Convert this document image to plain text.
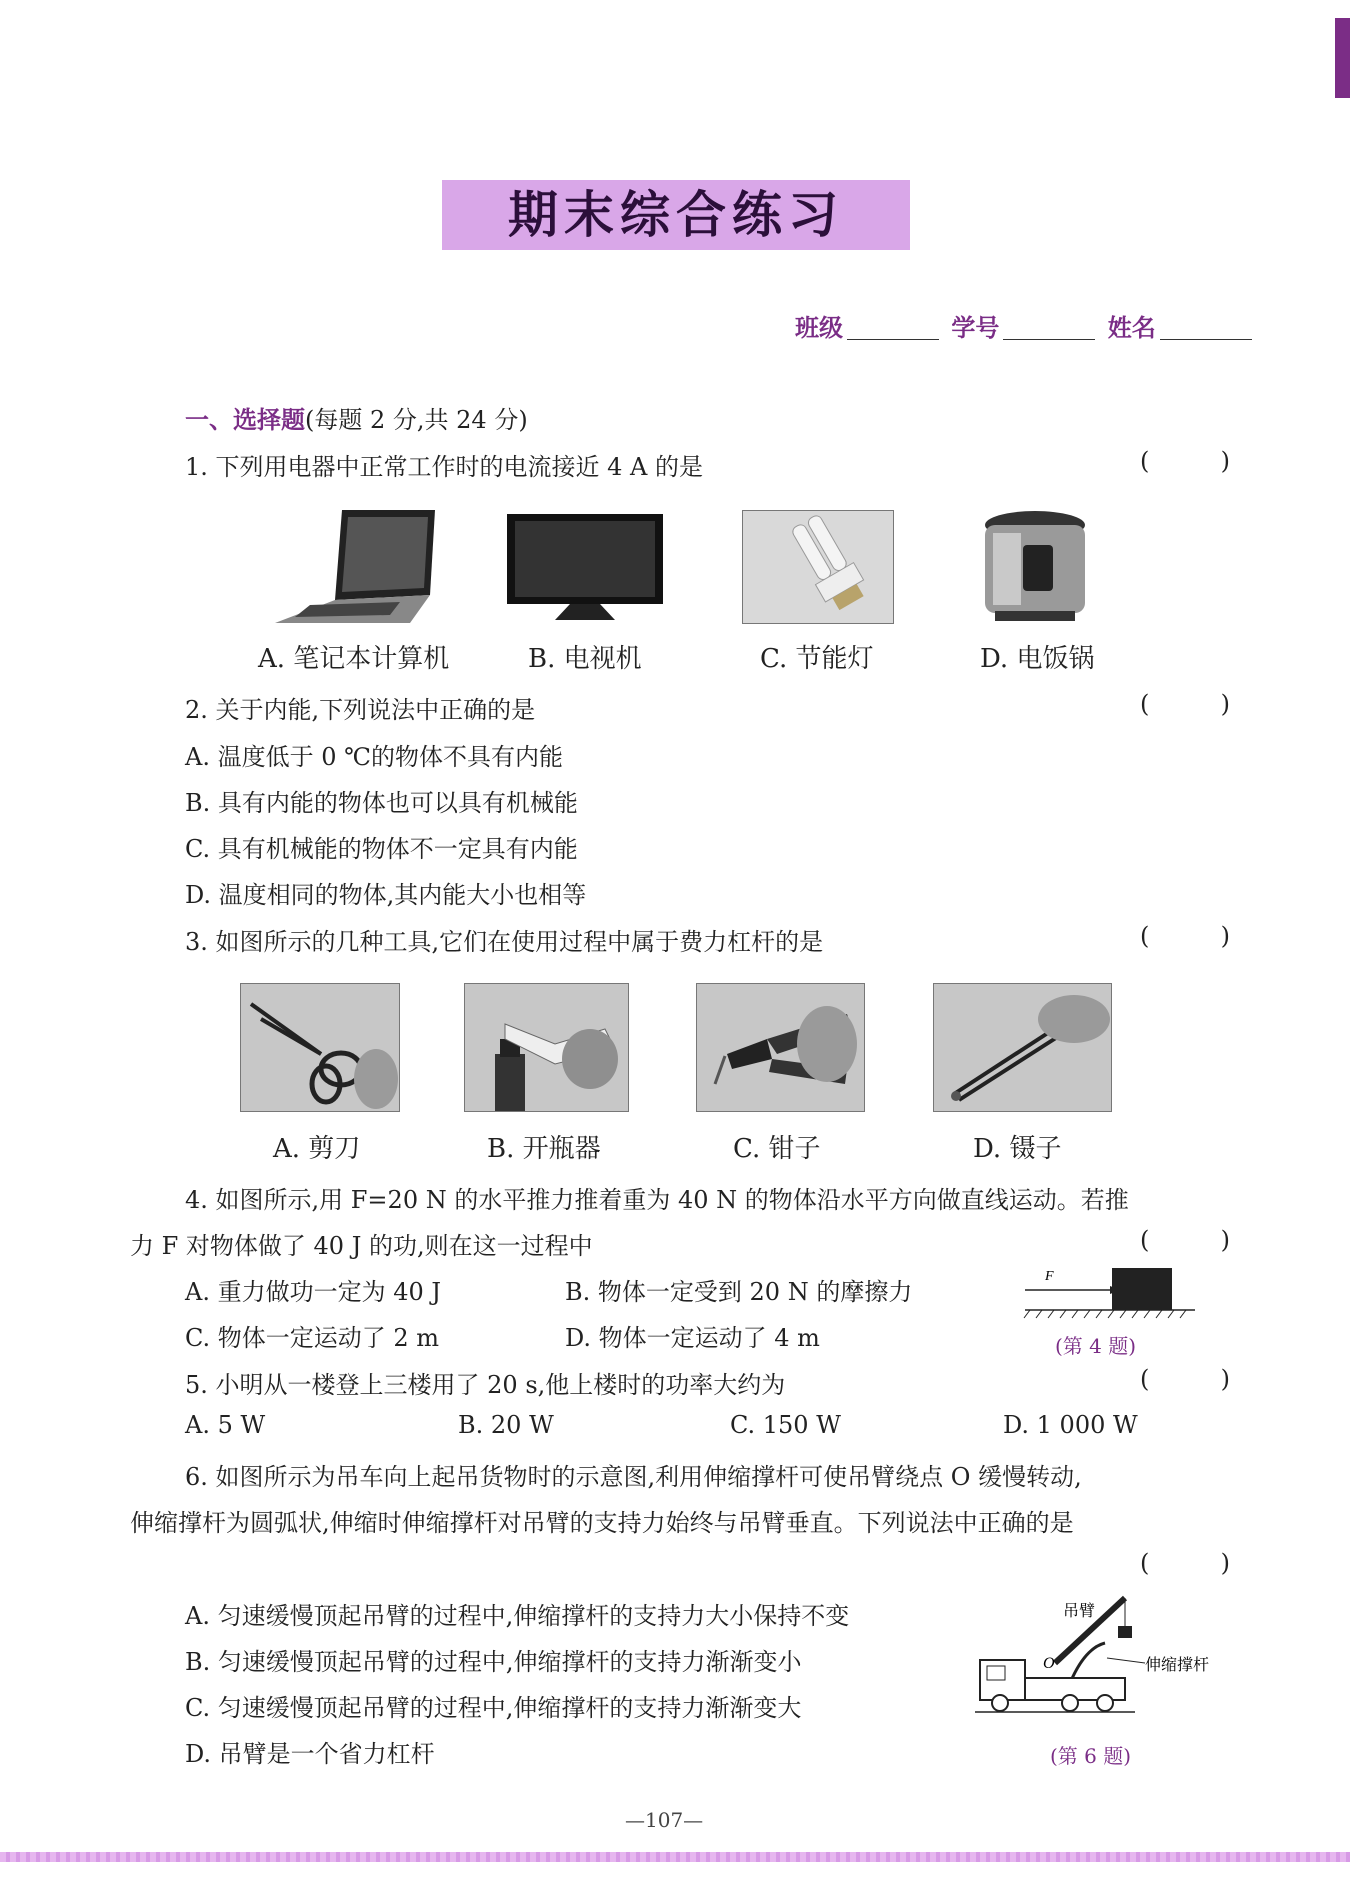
期末综合练习
班级	学号	姓名
一、选择题(每题 2 分,共 24 分)
1. 下列用电器中正常工作时的电流接近 4 A 的是	(	)
A. 笔记本计算机	B. 电视机	C. 节能灯	D. 电饭锅
2. 关于内能,下列说法中正确的是	(	)
A. 温度低于 0 ℃的物体不具有内能
B. 具有内能的物体也可以具有机械能
C. 具有机械能的物体不一定具有内能
D. 温度相同的物体,其内能大小也相等
3. 如图所示的几种工具,它们在使用过程中属于费力杠杆的是	(	)
A. 剪刀	B. 开瓶器	C. 钳子	D. 镊子
4. 如图所示,用 F=20 N 的水平推力推着重为 40 N 的物体沿水平方向做直线运动。若推
力 F 对物体做了 40 J 的功,则在这一过程中	(	)
A. 重力做功一定为 40 J	B. 物体一定受到 20 N 的摩擦力
C. 物体一定运动了 2 m	D. 物体一定运动了 4 m
F
(第 4 题)
5. 小明从一楼登上三楼用了 20 s,他上楼时的功率大约为	(	)
A. 5 W	B. 20 W	C. 150 W	D. 1 000 W
6. 如图所示为吊车向上起吊货物时的示意图,利用伸缩撑杆可使吊臂绕点 O 缓慢转动,
伸缩撑杆为圆弧状,伸缩时伸缩撑杆对吊臂的支持力始终与吊臂垂直。下列说法中正确的是
(	)
A. 匀速缓慢顶起吊臂的过程中,伸缩撑杆的支持力大小保持不变
B. 匀速缓慢顶起吊臂的过程中,伸缩撑杆的支持力渐渐变小
C. 匀速缓慢顶起吊臂的过程中,伸缩撑杆的支持力渐渐变大
D. 吊臂是一个省力杠杆
吊臂
O	伸缩撑杆
(第 6 题)
—107—
